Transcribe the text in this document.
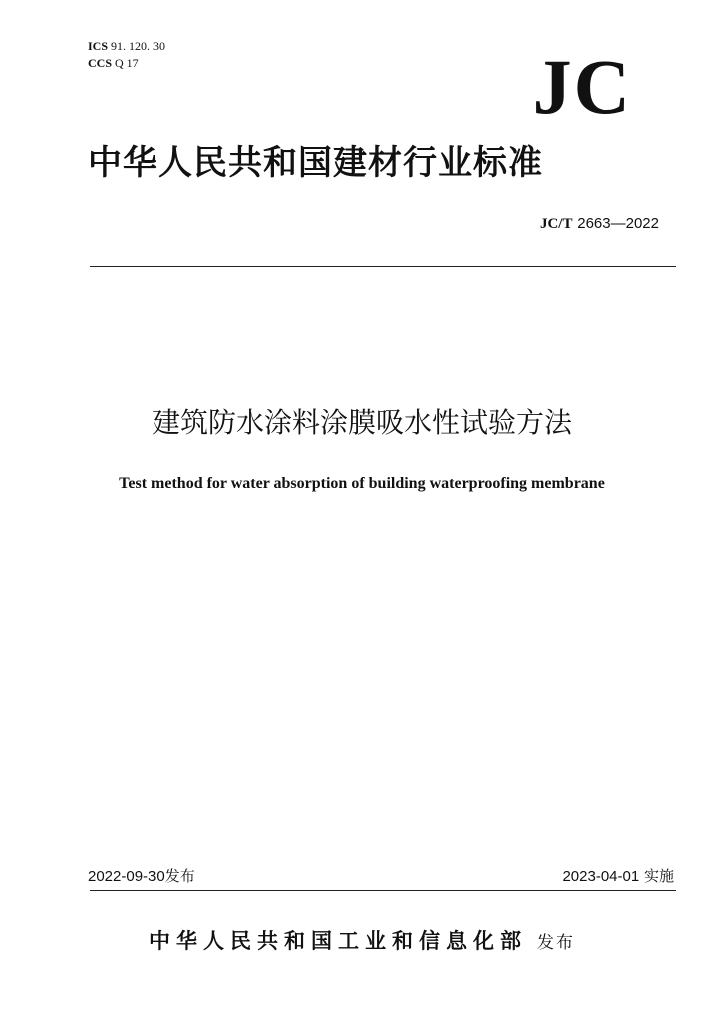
ICS 91. 120. 30
CCS Q 17	JC
中华人民共和国建材行业标准
JC/T 2663—2022
建筑防水涂料涂膜吸水性试验方法
Test method for water absorption of building waterproofing membrane
2022-09-30发布	2023-04-01 实施
中华人民共和国工业和信息化部 发布
